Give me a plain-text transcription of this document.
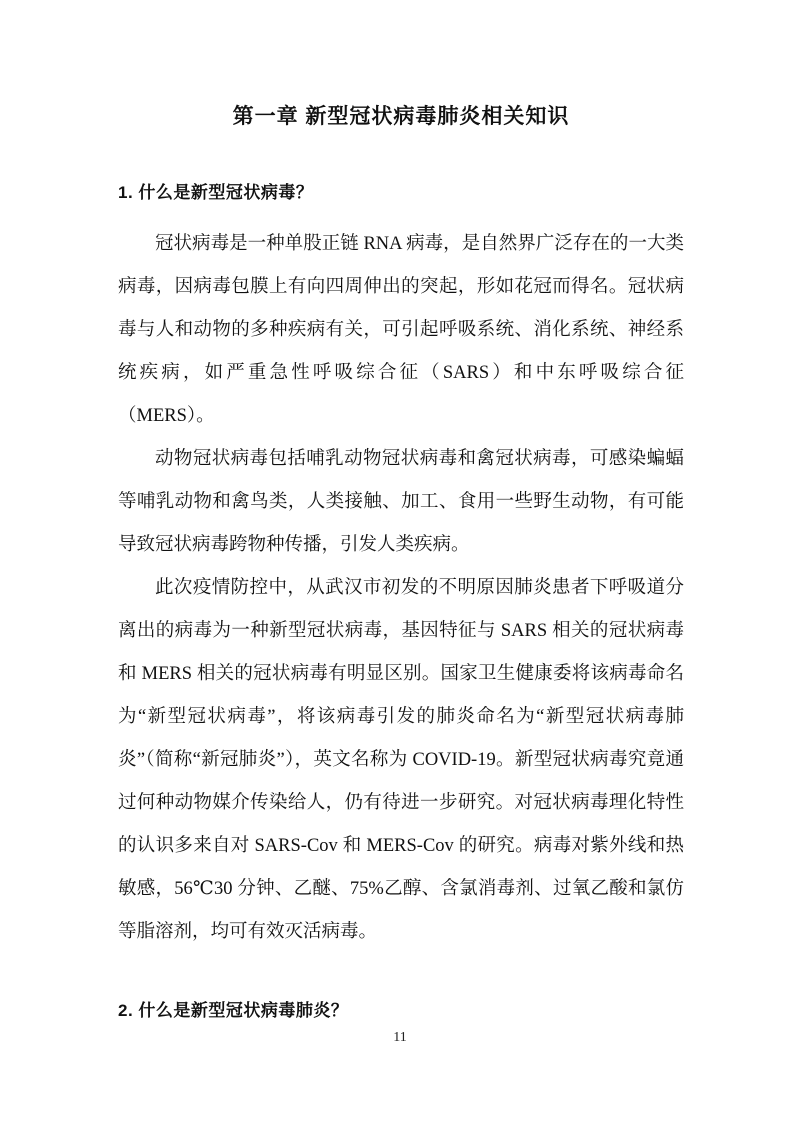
第一章 新型冠状病毒肺炎相关知识
1. 什么是新型冠状病毒？

冠状病毒是一种单股正链 RNA 病毒，是自然界广泛存在的一大类病毒，因病毒包膜上有向四周伸出的突起，形如花冠而得名。冠状病毒与人和动物的多种疾病有关，可引起呼吸系统、消化系统、神经系统疾病，如严重急性呼吸综合征（SARS）和中东呼吸综合征（MERS）。

动物冠状病毒包括哺乳动物冠状病毒和禽冠状病毒，可感染蝙蝠等哺乳动物和禽鸟类，人类接触、加工、食用一些野生动物，有可能导致冠状病毒跨物种传播，引发人类疾病。

此次疫情防控中，从武汉市初发的不明原因肺炎患者下呼吸道分离出的病毒为一种新型冠状病毒，基因特征与 SARS 相关的冠状病毒和 MERS 相关的冠状病毒有明显区别。国家卫生健康委将该病毒命名为“新型冠状病毒”，将该病毒引发的肺炎命名为“新型冠状病毒肺炎”（简称“新冠肺炎”），英文名称为 COVID-19。新型冠状病毒究竟通过何种动物媒介传染给人，仍有待进一步研究。对冠状病毒理化特性的认识多来自对 SARS-Cov 和 MERS-Cov 的研究。病毒对紫外线和热敏感，56℃30 分钟、乙醚、75%乙醇、含氯消毒剂、过氧乙酸和氯仿等脂溶剂，均可有效灭活病毒。

2. 什么是新型冠状病毒肺炎？
11
